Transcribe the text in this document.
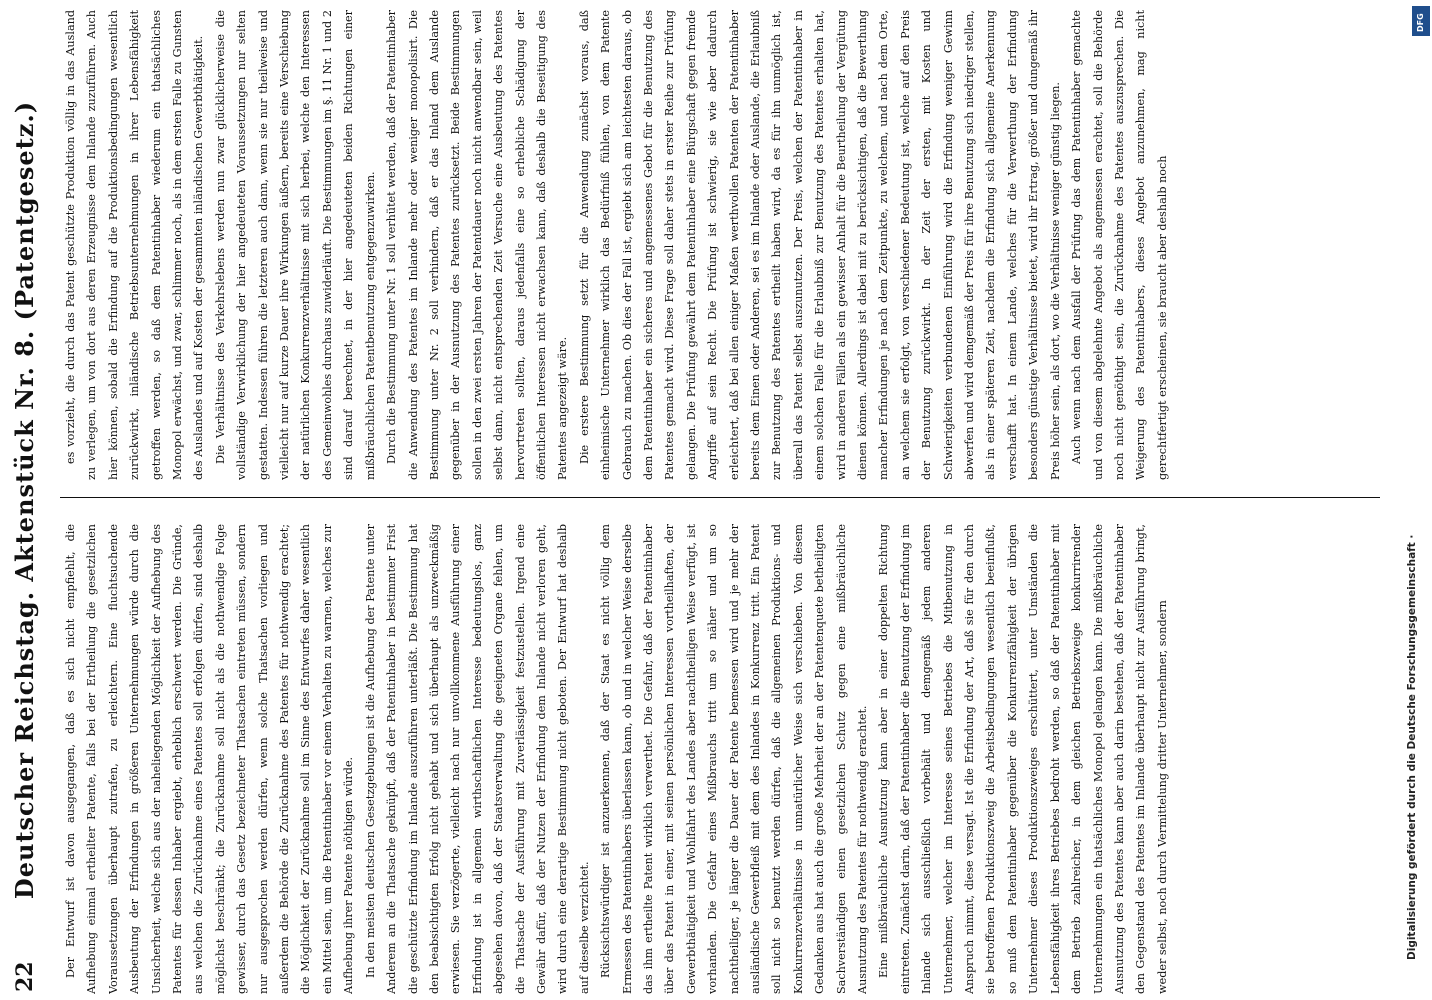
22
Deutscher Reichstag. Aktenstück Nr. 8. (Patentgesetz.)	Der Entwurf ist davon ausgegangen, daß es sich nicht empfiehlt, die Aufhebung einmal ertheilter Patente, falls bei der Ertheilung die gesetzlichen Voraussetzungen überhaupt zutrafen, zu erleichtern. Eine fluchtsuchende Ausbeutung der Erfindungen in größeren Unternehmungen würde durch die Unsicherheit, welche sich aus der naheliegenden Möglichkeit der Aufhebung des Patentes für dessen Inhaber ergiebt, erheblich erschwert werden. Die Gründe, aus welchen die Zurücknahme eines Patentes soll erfolgen dürfen, sind deshalb möglichst beschränkt; die Zurücknahme soll nicht als die nothwendige Folge gewisser, durch das Gesetz bezeichneter Thatsachen eintreten müssen, sondern nur ausgesprochen werden dürfen, wenn solche Thatsachen vorliegen und außerdem die Behörde die Zurücknahme des Patentes für nothwendig erachtet; die Möglichkeit der Zurücknahme soll im Sinne des Entwurfes daher wesentlich ein Mittel sein, um die Patentinhaber vor einem Verhalten zu warnen, welches zur Aufhebung ihrer Patente nöthigen würde. In den meisten deutschen Gesetzgebungen ist die Aufhebung der Patente unter Anderem an die Thatsache geknüpft, daß der Patentinhaber in bestimmter Frist die geschützte Erfindung im Inlande auszuführen unterläßt. Die Bestimmung hat den beabsichtigten Erfolg nicht gehabt und sich überhaupt als unzweckmäßig erwiesen. Sie verzögerte, vielleicht nach nur unvollkommene Ausführung einer Erfindung ist in allgemein wirthschaftlichen Interesse bedeutungslos, ganz abgesehen davon, daß der Staatsverwaltung die geeigneten Organe fehlen, um die Thatsache der Ausführung mit Zuverlässigkeit festzustellen. Irgend eine Gewähr dafür, daß der Nutzen der Erfindung dem Inlande nicht verloren geht, wird durch eine derartige Bestimmung nicht geboten. Der Entwurf hat deshalb auf dieselbe verzichtet. Rücksichtswürdiger ist anzuerkennen, daß der Staat es nicht völlig dem Ermessen des Patentinhabers überlassen kann, ob und in welcher Weise derselbe das ihm ertheilte Patent wirklich verwerthet. Die Gefahr, daß der Patentinhaber über das Patent in einer, mit seinen persönlichen Interessen vortheilhaften, der Gewerbthätigkeit und Wohlfahrt des Landes aber nachtheiligen Weise verfügt, ist vorhanden. Die Gefahr eines Mißbrauchs tritt um so näher und um so nachtheiliger, je länger die Dauer der Patente bemessen wird und je mehr der ausländische Gewerbfleiß mit dem des Inlandes in Konkurrenz tritt. Ein Patent soll nicht so benutzt werden dürfen, daß die allgemeinen Produktions- und Konkurrenzverhältnisse in unnatürlicher Weise sich verschieben. Von diesem Gedanken aus hat auch die große Mehrheit der an der Patentenquete betheiligten Sachverständigen einen gesetzlichen Schutz gegen eine mißbräuchliche Ausnutzung des Patentes für nothwendig erachtet. Eine mißbräuchliche Ausnutzung kann aber in einer doppelten Richtung eintreten. Zunächst darin, daß der Patentinhaber die Benutzung der Erfindung im Inlande sich ausschließlich vorbehält und demgemäß jedem anderen Unternehmer, welcher im Interesse seines Betriebes die Mitbenutzung in Anspruch nimmt, diese versagt. Ist die Erfindung der Art, daß sie für den durch sie betroffenen Produktionszweig die Arbeitsbedingungen wesentlich beeinflußt, so muß dem Patentinhaber gegenüber die Konkurrenzfähigkeit der übrigen Unternehmer dieses Produktionszweiges erschüttert, unter Umständen die Lebensfähigkeit ihres Betriebes bedroht werden, so daß der Patentinhaber mit dem Betrieb zahlreicher, in dem gleichen Betriebszweige konkurrirender Unternehmungen ein thatsächliches Monopol gelangen kann. Die mißbräuchliche Ausnutzung des Patentes kann aber auch darin bestehen, daß der Patentinhaber den Gegenstand des Patentes im Inlande überhaupt nicht zur Ausführung bringt, weder selbst, noch durch Vermittelung dritter Unternehmer, sondern

es vorzieht, die durch das Patent geschützte Produktion völlig in das Ausland zu verlegen, um von dort aus deren Erzeugnisse dem Inlande zuzuführen. Auch hier können, sobald die Erfindung auf die Produktionsbedingungen wesentlich zurückwirkt, inländische Betriebsunternehmungen in ihrer Lebensfähigkeit getroffen werden, so daß dem Patentinhaber wiederum ein thatsächliches Monopol erwächst, und zwar, schlimmer noch, als in dem ersten Falle zu Gunsten des Auslandes und auf Kosten der gesammten inländischen Gewerbthätigkeit. Die Verhältnisse des Verkehrslebens werden nun zwar glücklicherweise die vollständige Verwirklichung der hier angedeuteten Voraussetzungen nur selten gestatten. Indessen führen die letzteren auch dann, wenn sie nur theilweise und vielleicht nur auf kurze Dauer ihre Wirkungen äußern, bereits eine Verschiebung der natürlichen Konkurrenzverhältnisse mit sich herbei, welche den Interessen des Gemeinwohles durchaus zuwiderläuft. Die Bestimmungen im §. 11 Nr. 1 und 2 sind darauf berechnet, in der hier angedeuteten beiden Richtungen einer mißbräuchlichen Patentbenutzung entgegenzuwirken. Durch die Bestimmung unter Nr. 1 soll verhütet werden, daß der Patentinhaber die Anwendung des Patentes im Inlande mehr oder weniger monopolisirt. Die Bestimmung unter Nr. 2 soll verhindern, daß er das Inland dem Auslande gegenüber in der Ausnutzung des Patentes zurücksetzt. Beide Bestimmungen sollen in den zwei ersten Jahren der Patentdauer noch nicht anwendbar sein, weil selbst dann, nicht entsprechenden Zeit Versuche eine Ausbeutung des Patentes hervortreten sollten, daraus jedenfalls eine so erhebliche Schädigung der öffentlichen Interessen nicht erwachsen kann, daß deshalb die Beseitigung des Patentes angezeigt wäre. Die erstere Bestimmung setzt für die Anwendung zunächst voraus, daß einheimische Unternehmer wirklich das Bedürfniß fühlen, von dem Patente Gebrauch zu machen. Ob dies der Fall ist, ergiebt sich am leichtesten daraus, ob dem Patentinhaber ein sicheres und angemessenes Gebot für die Benutzung des Patentes gemacht wird. Diese Frage soll daher stets in erster Reihe zur Prüfung gelangen. Die Prüfung gewährt dem Patentinhaber eine Bürgschaft gegen fremde Angriffe auf sein Recht. Die Prüfung ist schwierig, sie wie aber dadurch erleichtert, daß bei allen einiger Maßen werthvollen Patenten der Patentinhaber bereits dem Einen oder Anderen, sei es im Inlande oder Auslande, die Erlaubniß zur Benutzung des Patentes ertheilt haben wird, da es für ihn unmöglich ist, überall das Patent selbst auszunutzen. Der Preis, welchen der Patentinhaber in einem solchen Falle für die Erlaubniß zur Benutzung des Patentes erhalten hat, wird in anderen Fällen als ein gewisser Anhalt für die Beurtheilung der Vergütung dienen können. Allerdings ist dabei mit zu berücksichtigen, daß die Bewerthung mancher Erfindungen je nach dem Zeitpunkte, zu welchem, und nach dem Orte, an welchem sie erfolgt, von verschiedener Bedeutung ist, welche auf den Preis der Benutzung zurückwirkt. In der Zeit der ersten, mit Kosten und Schwierigkeiten verbundenen Einführung wird die Erfindung weniger Gewinn abwerfen und wird demgemäß der Preis für ihre Benutzung sich niedriger stellen, als in einer späteren Zeit, nachdem die Erfindung sich allgemeine Anerkennung verschafft hat. In einem Lande, welches für die Verwerthung der Erfindung besonders günstige Verhältnisse bietet, wird ihr Ertrag, größer und dungemäß ihr Preis höher sein, als dort, wo die Verhältnisse weniger günstig liegen. Auch wenn nach dem Ausfall der Prüfung das dem Patentinhaber gemachte und von diesem abgelehnte Angebot als angemessen erachtet, soll die Behörde noch nicht genöthigt sein, die Zurücknahme des Patentes auszusprechen. Die Weigerung des Patentinhabers, dieses Angebot anzunehmen, mag nicht gerechtfertigt erscheinen, sie braucht aber deshalb noch

Digitalisierung gefördert durch die Deutsche Forschungsgemeinschaft ·
DFG
